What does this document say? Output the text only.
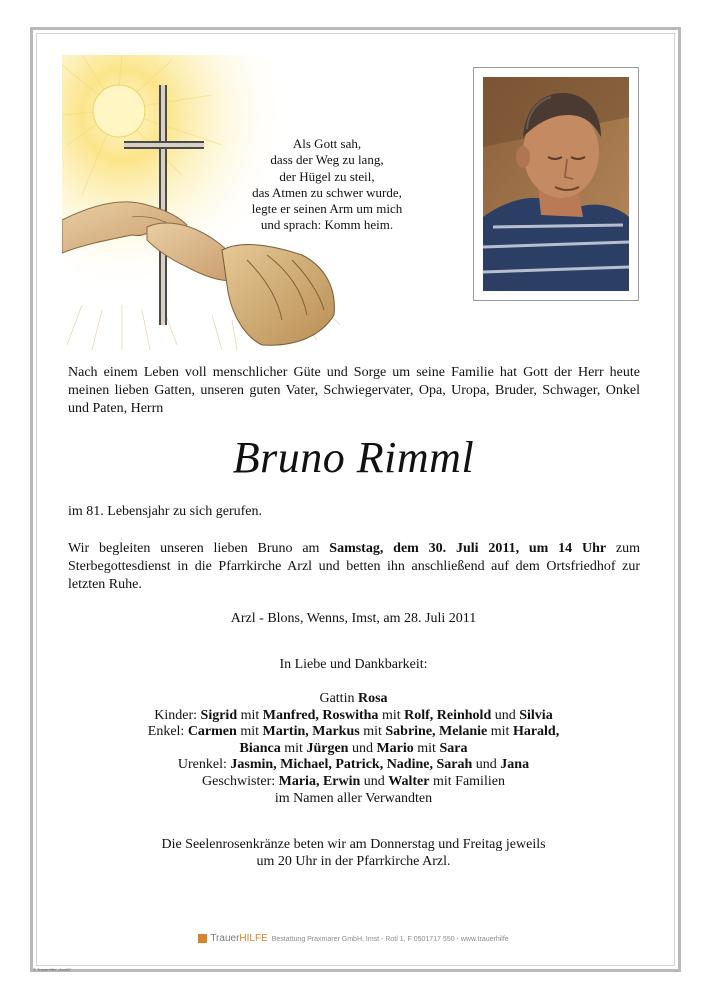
Als Gott sah,
dass der Weg zu lang,
der Hügel zu steil,
das Atmen zu schwer wurde,
legte er seinen Arm um mich
und sprach: Komm heim.
Nach einem Leben voll menschlicher Güte und Sorge um seine Familie hat Gott der Herr heute meinen lieben Gatten, unseren guten Vater, Schwiegervater, Opa, Uropa, Bruder, Schwager, Onkel und Paten, Herrn
Bruno Rimml
im 81. Lebensjahr zu sich gerufen.
Wir begleiten unseren lieben Bruno am Samstag, dem 30. Juli 2011, um 14 Uhr zum Sterbegottesdienst in die Pfarrkirche Arzl und betten ihn anschließend auf dem Ortsfriedhof zur letzten Ruhe.
Arzl - Blons, Wenns, Imst, am 28. Juli 2011
In Liebe und Dankbarkeit:
Gattin Rosa
Kinder: Sigrid mit Manfred, Roswitha mit Rolf, Reinhold und Silvia
Enkel: Carmen mit Martin, Markus mit Sabrine, Melanie mit Harald,
Bianca mit Jürgen und Mario mit Sara
Urenkel: Jasmin, Michael, Patrick, Nadine, Sarah und Jana
Geschwister: Maria, Erwin und Walter mit Familien
im Namen aller Verwandten
Die Seelenrosenkränze beten wir am Donnerstag und Freitag jeweils
um 20 Uhr in der Pfarrkirche Arzl.
TrauerHILFE Bestattung Praxmarer GmbH, Imst - Rotl 1, F 0501717 550 - www.trauerhilfe
© TrauerHilfe „Arzl02“
